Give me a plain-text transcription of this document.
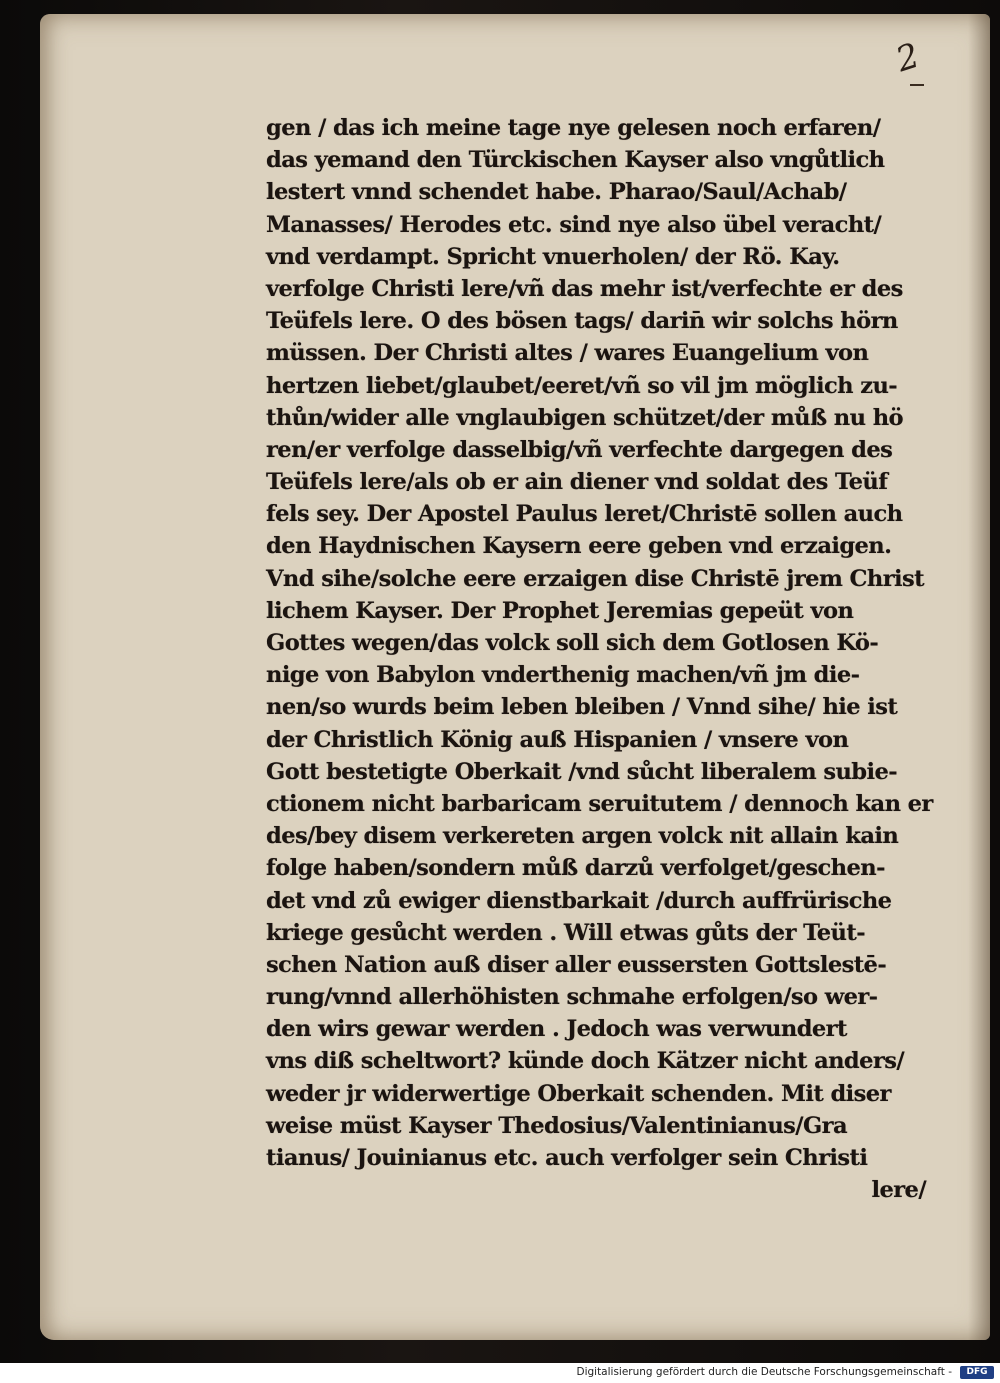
2
gen / das ich meine tage nye gelesen noch erfaren/
das yemand den Türckischen Kayser also vngůtlich
lestert vnnd schendet habe. Pharao/Saul/Achab/
Manasses/ Herodes etc. sind nye also übel veracht/
vnd verdampt. Spricht vnuerholen/ der Rö. Kay.
verfolge Christi lere/vñ das mehr ist/verfechte er des
Teüfels lere. O des bösen tags/ darin̄ wir solchs hörn
müssen. Der Christi altes / wares Euangelium von
hertzen liebet/glaubet/eeret/vñ so vil jm möglich zu-
thůn/wider alle vnglaubigen schützet/der můß nu hö
ren/er verfolge dasselbig/vñ verfechte dargegen des
Teüfels lere/als ob er ain diener vnd soldat des Teüf
fels sey. Der Apostel Paulus leret/Christē sollen auch
den Haydnischen Kaysern eere geben vnd erzaigen.
Vnd sihe/solche eere erzaigen dise Christē jrem Christ
lichem Kayser. Der Prophet Jeremias gepeüt von
Gottes wegen/das volck soll sich dem Gotlosen Kö-
nige von Babylon vnderthenig machen/vñ jm die-
nen/so wurds beim leben bleiben / Vnnd sihe/ hie ist
der Christlich König auß Hispanien / vnsere von
Gott bestetigte Oberkait /vnd sůcht liberalem subie-
ctionem nicht barbaricam seruitutem / dennoch kan er
des/bey disem verkereten argen volck nit allain kain
folge haben/sondern můß darzů verfolget/geschen-
det vnd zů ewiger dienstbarkait /durch auffrürische
kriege gesůcht werden . Will etwas gůts der Teüt-
schen Nation auß diser aller eussersten Gottslestē-
rung/vnnd allerhöhisten schmahe erfolgen/so wer-
den wirs gewar werden . Jedoch was verwundert
vns diß scheltwort? künde doch Kätzer nicht anders/
weder jr widerwertige Oberkait schenden. Mit diser
weise müst Kayser Thedosius/Valentinianus/Gra
tianus/ Jouinianus etc. auch verfolger sein Christi
lere/
Digitalisierung gefördert durch die Deutsche Forschungsgemeinschaft -	DFG
